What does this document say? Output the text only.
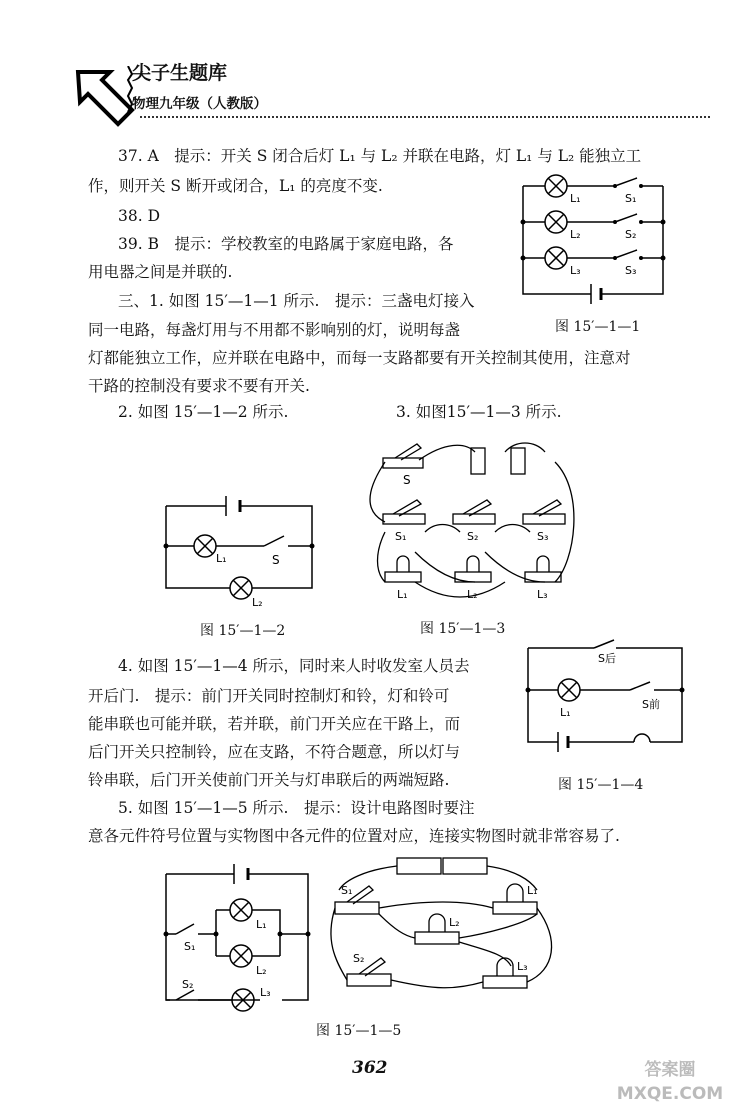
尖子生题库
物理九年级（人教版）
37. A　提示：开关 S 闭合后灯 L₁ 与 L₂ 并联在电路，灯 L₁ 与 L₂ 能独立工
作，则开关 S 断开或闭合，L₁ 的亮度不变.
38. D
39. B　提示：学校教室的电路属于家庭电路，各
用电器之间是并联的.
三、1. 如图 15′—1—1 所示.　提示：三盏电灯接入
同一电路，每盏灯用与不用都不影响别的灯，说明每盏
灯都能独立工作，应并联在电路中，而每一支路都要有开关控制其使用，注意对
干路的控制没有要求不要有开关.
L₁	S₁
L₂	S₂
L₃	S₃
图 15′—1—1
2. 如图 15′—1—2 所示.	3. 如图15′—1—3 所示.
L₁	S
L₂
图 15′—1—2
S
S₁	S₂	S₃
L₁	L₂	L₃
图 15′—1—3
4. 如图 15′—1—4 所示，同时来人时收发室人员去
开后门.　提示：前门开关同时控制灯和铃，灯和铃可
能串联也可能并联，若并联，前门开关应在干路上，而
后门开关只控制铃，应在支路，不符合题意，所以灯与
铃串联，后门开关使前门开关与灯串联后的两端短路.
S后
L₁
S前
图 15′—1—4
5. 如图 15′—1—5 所示.　提示：设计电路图时要注
意各元件符号位置与实物图中各元件的位置对应，连接实物图时就非常容易了.
S₁
L₁
L₂
S₂
L₃
S₁	L₁
L₂
S₂
L₃
图 15′—1—5
362	答案圈 MXQE.COM
